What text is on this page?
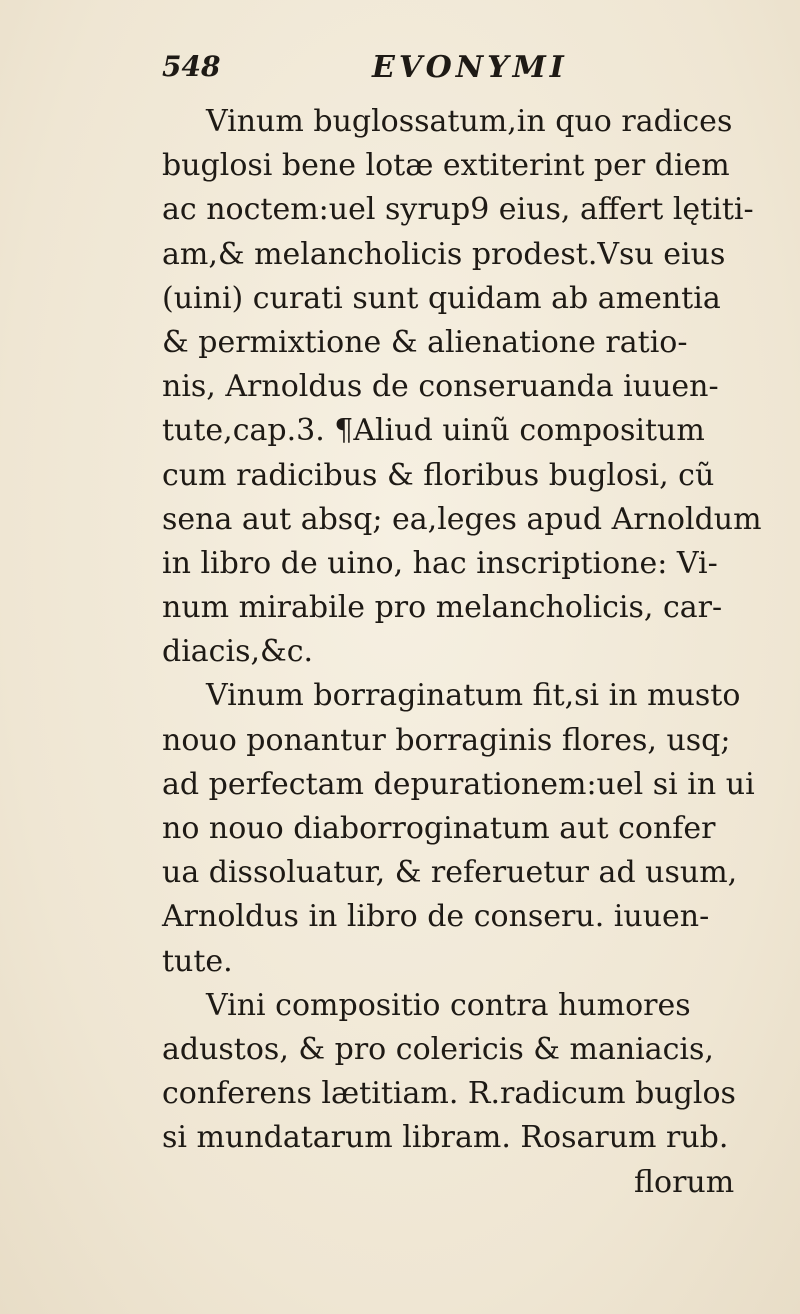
548	EVONYMI
Vinum buglossatum,in quo radices
buglosi bene lotæ extiterint per diem
ac noctem:uel syrup9 eius, affert lętiti-
am,& melancholicis prodest.Vsu eius
(uini) curati sunt quidam ab amentia
& permixtione & alienatione ratio-
nis, Arnoldus de conseruanda iuuen-
tute,cap.3. ¶Aliud uinũ compositum
cum radicibus & floribus buglosi, cũ
sena aut absq; ea,leges apud Arnoldum
in libro de uino, hac inscriptione: Vi-
num mirabile pro melancholicis, car-
diacis,&c.
Vinum borraginatum fit,si in musto
nouo ponantur borraginis flores, usq;
ad perfectam depurationem:uel si in ui
no nouo diaborroginatum aut confer
ua dissoluatur, & referuetur ad usum,
Arnoldus in libro de conseru. iuuen-
tute.
Vini compositio contra humores
adustos, & pro colericis & maniacis,
conferens lætitiam. R.radicum buglos
si mundatarum libram. Rosarum rub.
florum
